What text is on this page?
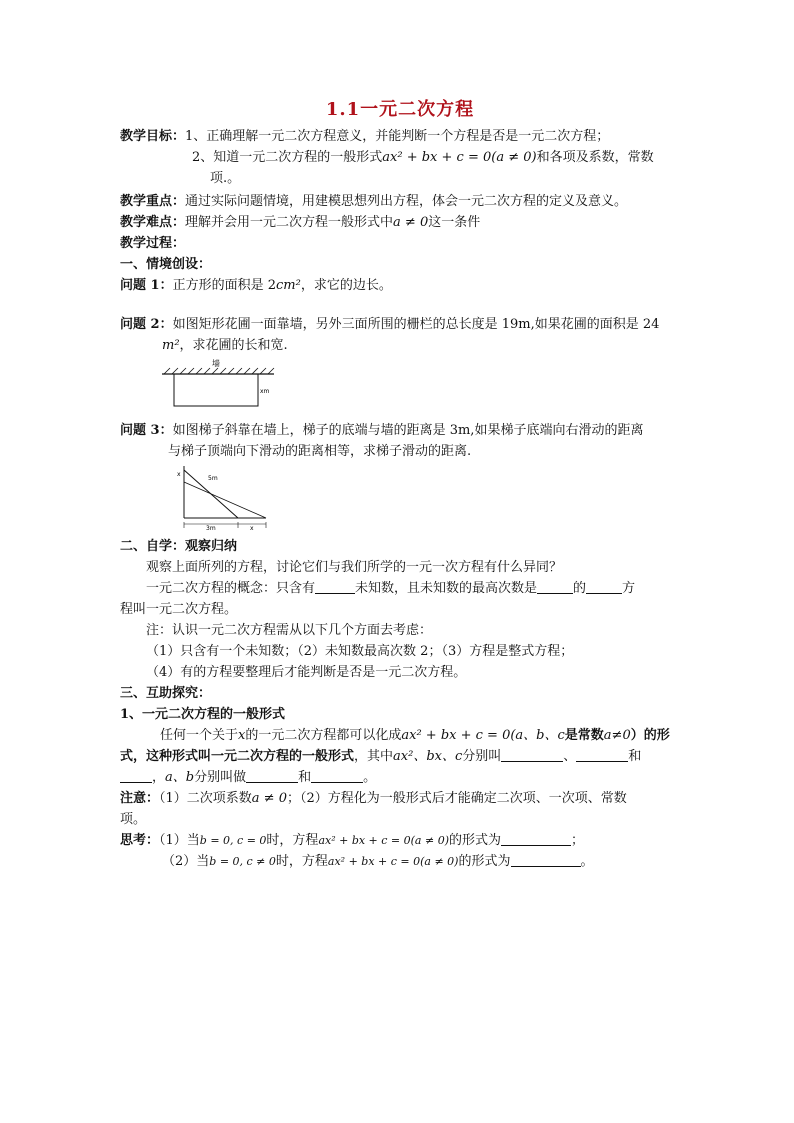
1.1一元二次方程

教学目标：1、正确理解一元二次方程意义，并能判断一个方程是否是一元二次方程；

2、知道一元二次方程的一般形式ax² + bx + c = 0(a ≠ 0)和各项及系数，常数项.。

教学重点：通过实际问题情境，用建模思想列出方程，体会一元二次方程的定义及意义。

教学难点：理解并会用一元二次方程一般形式中a ≠ 0这一条件

教学过程：

一、情境创设：

问题 1：正方形的面积是 2cm²，求它的边长。

问题 2：如图矩形花圃一面靠墙，另外三面所围的栅栏的总长度是 19m,如果花圃的面积是 24

m²，求花圃的长和宽.

墙
xm

问题 3：如图梯子斜靠在墙上，梯子的底端与墙的距离是 3m,如果梯子底端向右滑动的距离

与梯子顶端向下滑动的距离相等，求梯子滑动的距离.

5m
x
3m	x

二、自学：观察归纳

观察上面所列的方程，讨论它们与我们所学的一元一次方程有什么异同？

一元二次方程的概念：只含有	未知数，且未知数的最高次数是	的	方

程叫一元二次方程。

注：认识一元二次方程需从以下几个方面去考虑：

（1）只含有一个未知数；（2）未知数最高次数 2；（3）方程是整式方程；

（4）有的方程要整理后才能判断是否是一元二次方程。

三、互助探究：

1、一元二次方程的一般形式

任何一个关于x的一元二次方程都可以化成ax² + bx + c = 0(a、b、c是常数a≠0）的形

式，这种形式叫一元二次方程的一般形式，其中ax²、bx、c分别叫	、	和

，a、b分别叫做	和	。

注意：（1）二次项系数a ≠ 0；（2）方程化为一般形式后才能确定二次项、一次项、常数

项。

思考：（1）当b = 0, c = 0时，方程ax² + bx + c = 0(a ≠ 0)的形式为	；

（2）当b = 0, c ≠ 0时，方程ax² + bx + c = 0(a ≠ 0)的形式为	。
